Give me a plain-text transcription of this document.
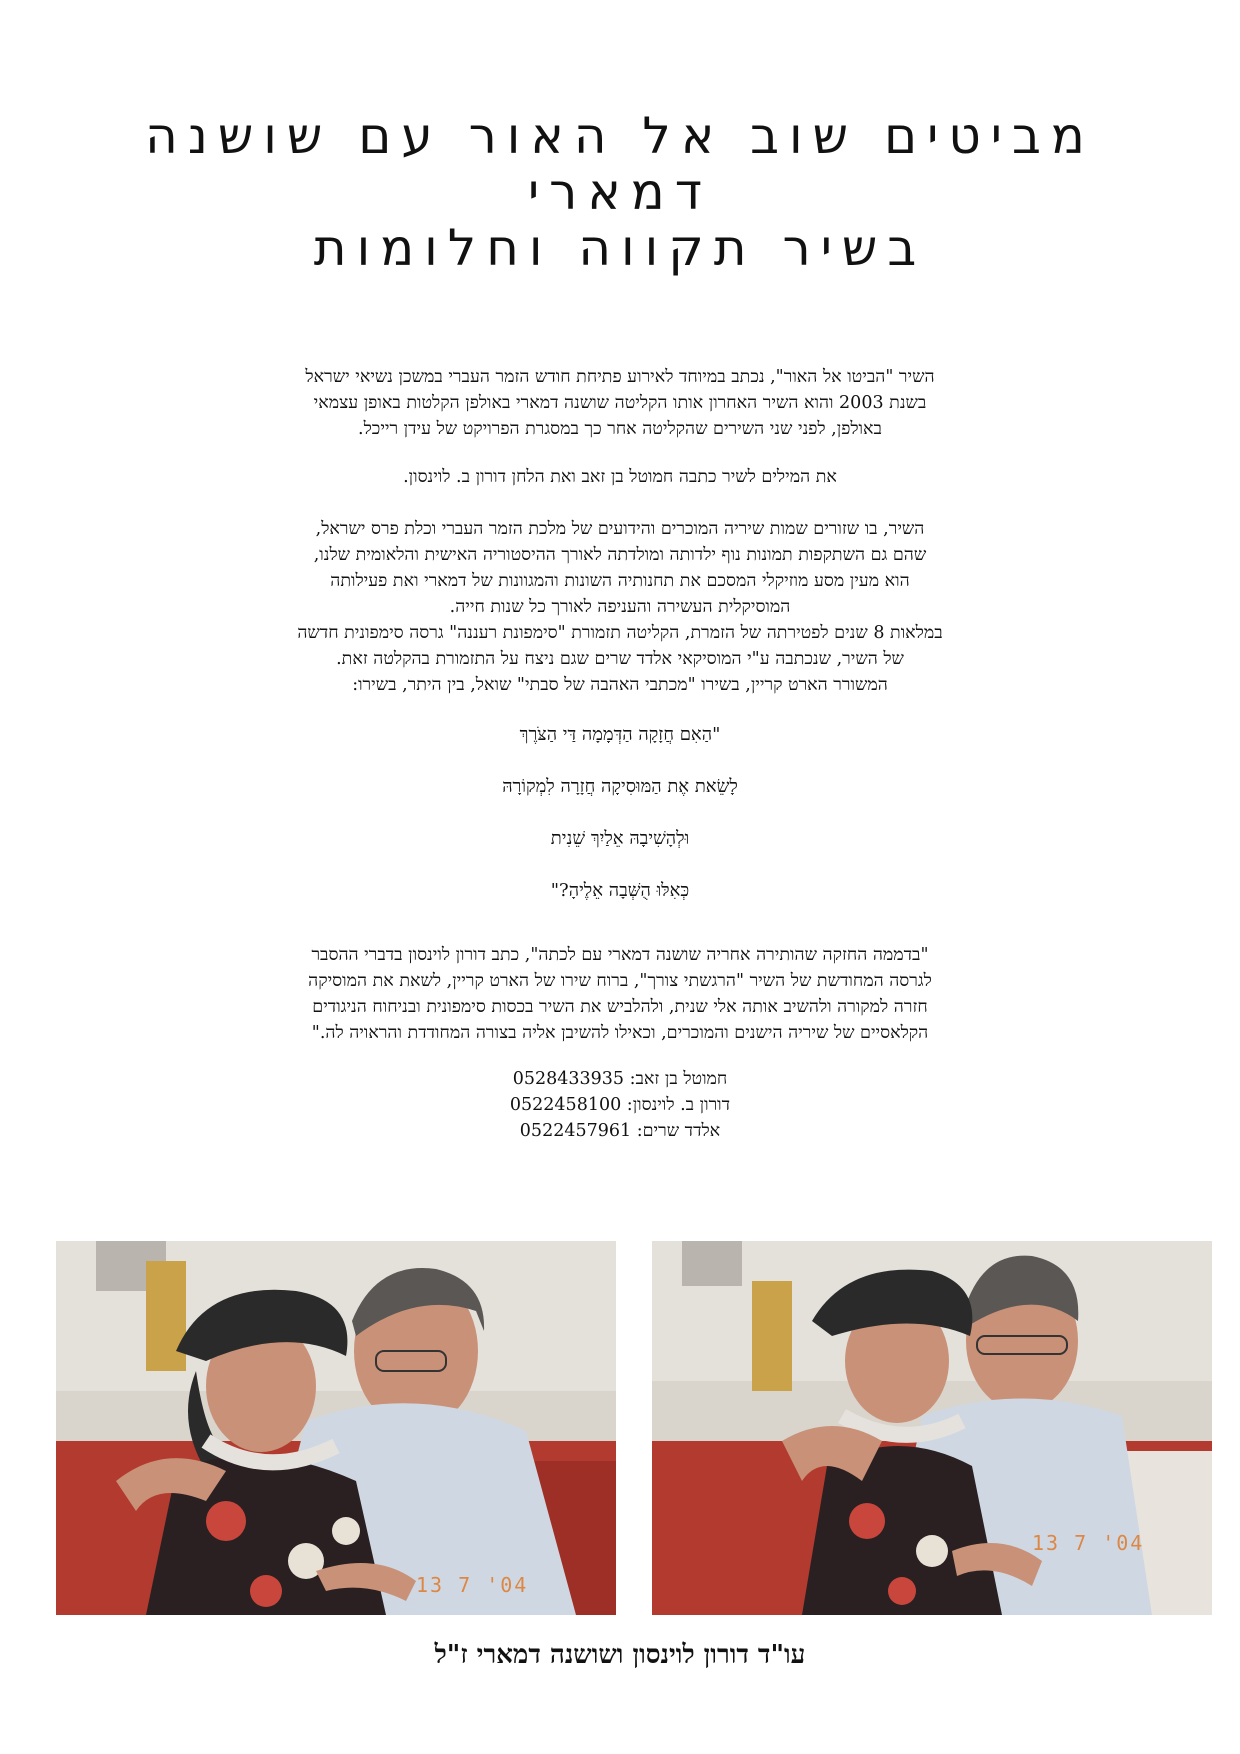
מביטים שוב אל האור עם שושנה
דמארי
בשיר תקווה וחלומות

השיר "הביטו אל האור", נכתב במיוחד לאירוע פתיחת חודש הזמר העברי במשכן נשיאי ישראל

בשנת 2003 והוא השיר האחרון אותו הקליטה שושנה דמארי באולפן הקלטות באופן עצמאי

באולפן, לפני שני השירים שהקליטה אחר כך במסגרת הפרויקט של עידן רייכל.

את המילים לשיר כתבה חמוטל בן זאב ואת הלחן דורון ב. לוינסון.

השיר, בו שזורים שמות שיריה המוכרים והידועים של מלכת הזמר העברי וכלת פרס ישראל,

שהם גם השתקפות תמונות נוף ילדותה ומולדתה לאורך ההיסטוריה האישית והלאומית שלנו,

הוא מעין מסע מוזיקלי המסכם את תחנותיה השונות והמגוונות של דמארי ואת פעילותה

המוסיקלית העשירה והעניפה לאורך כל שנות חייה.

במלאות 8 שנים לפטירתה של הזמרת, הקליטה תזמורת "סימפונת רעננה" גרסה סימפונית חדשה

של השיר, שנכתבה ע"י המוסיקאי אלדד שרים שגם ניצח על התזמורת בהקלטה זאת.

המשורר הארט קריין, בשירו "מכתבי האהבה של סבתי" שואל, בין היתר, בשירו:

"הַאִם חֲזָקָה הַדְּמָמָה דַּי הַצֹּרֶךְ

לָשֵׂאת אֶת הַמּוּסִיקָה חֲזָרָה לִמְקוֹרָהּ

וּלְהָשִׁיבָהּ אֵלַיִךְ שֵׁנִית

כְּאִלּוּ הֻשְּׁבָה אֵלֶיהָ?"

"בדממה החזקה שהותירה אחריה שושנה דמארי עם לכתה", כתב דורון לוינסון בדברי ההסבר

לגרסה המחודשת של השיר "הרגשתי צורך", ברוח שירו של הארט קריין, לשאת את המוסיקה

חזרה למקורה ולהשיב אותה אלי שנית, ולהלביש את השיר בכסות סימפונית ובניחוח הניגודים

הקלאסיים של שיריה הישנים והמוכרים, וכאילו להשיבן אליה בצורה המחודדת והראויה לה."

חמוטל בן זאב: 0528433935

דורון ב. לוינסון: 0522458100

אלדד שרים: 0522457961

13 7 '04
13 7 '04

עו"ד דורון לוינסון ושושנה דמארי ז"ל
